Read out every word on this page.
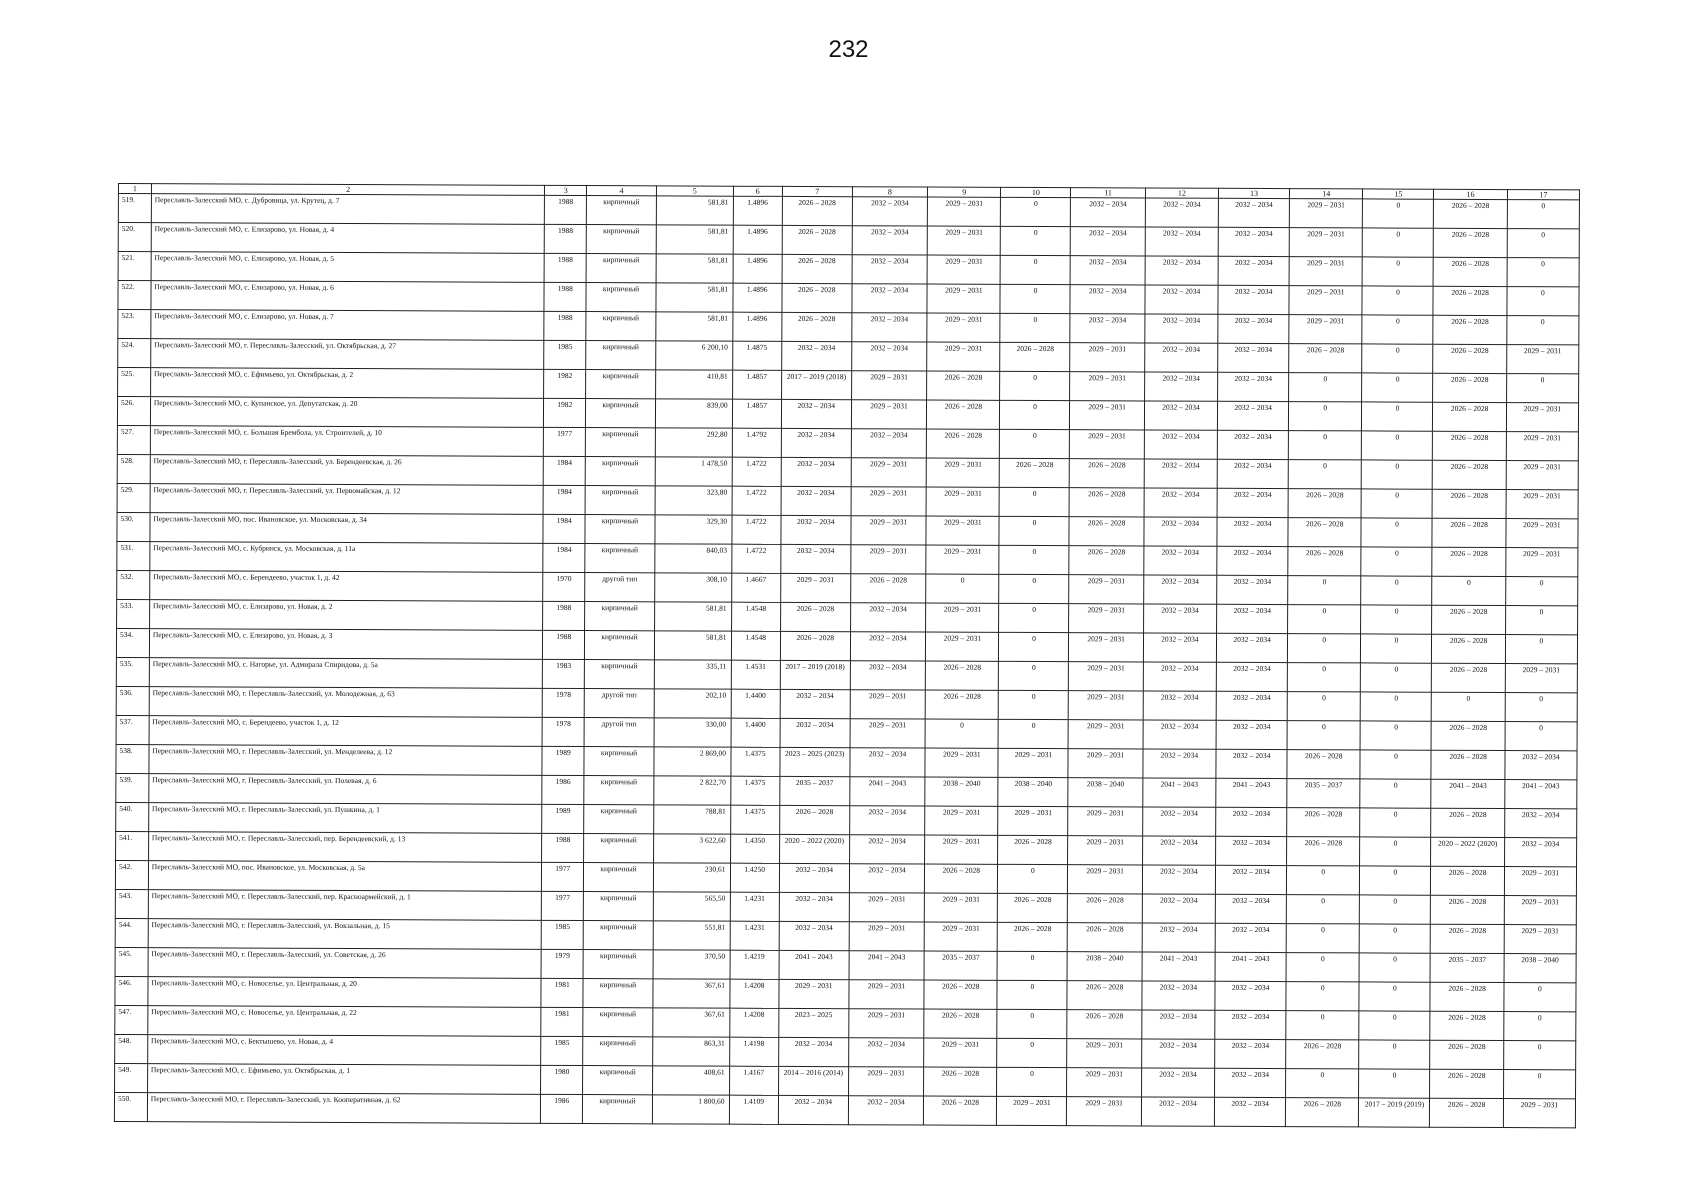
232
1	2	3	4	5	6	7	8	9	10	11	12	13	14	15	16	17
519.	Переславль-Залесский МО, с. Дубровица, ул. Крутец, д. 7	1988	кирпичный	581,81	1.4896	2026 – 2028	2032 – 2034	2029 – 2031	0	2032 – 2034	2032 – 2034	2032 – 2034	2029 – 2031	0	2026 – 2028	0
520.	Переславль-Залесский МО, с. Елизарово, ул. Новая, д. 4	1988	кирпичный	581,81	1.4896	2026 – 2028	2032 – 2034	2029 – 2031	0	2032 – 2034	2032 – 2034	2032 – 2034	2029 – 2031	0	2026 – 2028	0
521.	Переславль-Залесский МО, с. Елизарово, ул. Новая, д. 5	1988	кирпичный	581,81	1.4896	2026 – 2028	2032 – 2034	2029 – 2031	0	2032 – 2034	2032 – 2034	2032 – 2034	2029 – 2031	0	2026 – 2028	0
522.	Переславль-Залесский МО, с. Елизарово, ул. Новая, д. 6	1988	кирпичный	581,81	1.4896	2026 – 2028	2032 – 2034	2029 – 2031	0	2032 – 2034	2032 – 2034	2032 – 2034	2029 – 2031	0	2026 – 2028	0
523.	Переславль-Залесский МО, с. Елизарово, ул. Новая, д. 7	1988	кирпичный	581,81	1.4896	2026 – 2028	2032 – 2034	2029 – 2031	0	2032 – 2034	2032 – 2034	2032 – 2034	2029 – 2031	0	2026 – 2028	0
524.	Переславль-Залесский МО, г. Переславль-Залесский, ул. Октябрьская, д. 27	1985	кирпичный	6 200,10	1.4875	2032 – 2034	2032 – 2034	2029 – 2031	2026 – 2028	2029 – 2031	2032 – 2034	2032 – 2034	2026 – 2028	0	2026 – 2028	2029 – 2031
525.	Переславль-Залесский МО, с. Ефимьево, ул. Октябрьская, д. 2	1982	кирпичный	410,81	1.4857	2017 – 2019 (2018)	2029 – 2031	2026 – 2028	0	2029 – 2031	2032 – 2034	2032 – 2034	0	0	2026 – 2028	0
526.	Переславль-Залесский МО, с. Купанское, ул. Депутатская, д. 20	1982	кирпичный	839,00	1.4857	2032 – 2034	2029 – 2031	2026 – 2028	0	2029 – 2031	2032 – 2034	2032 – 2034	0	0	2026 – 2028	2029 – 2031
527.	Переславль-Залесский МО, с. Большая Брембола, ул. Строителей, д. 10	1977	кирпичный	292,80	1.4792	2032 – 2034	2032 – 2034	2026 – 2028	0	2029 – 2031	2032 – 2034	2032 – 2034	0	0	2026 – 2028	2029 – 2031
528.	Переславль-Залесский МО, г. Переславль-Залесский, ул. Берендеевская, д. 26	1984	кирпичный	1 478,50	1.4722	2032 – 2034	2029 – 2031	2029 – 2031	2026 – 2028	2026 – 2028	2032 – 2034	2032 – 2034	0	0	2026 – 2028	2029 – 2031
529.	Переславль-Залесский МО, г. Переславль-Залесский, ул. Первомайская, д. 12	1984	кирпичный	323,80	1.4722	2032 – 2034	2029 – 2031	2029 – 2031	0	2026 – 2028	2032 – 2034	2032 – 2034	2026 – 2028	0	2026 – 2028	2029 – 2031
530.	Переславль-Залесский МО, пос. Ивановское, ул. Московская, д. 34	1984	кирпичный	329,30	1.4722	2032 – 2034	2029 – 2031	2029 – 2031	0	2026 – 2028	2032 – 2034	2032 – 2034	2026 – 2028	0	2026 – 2028	2029 – 2031
531.	Переславль-Залесский МО, с. Кубринск, ул. Московская, д. 11а	1984	кирпичный	840,03	1.4722	2032 – 2034	2029 – 2031	2029 – 2031	0	2026 – 2028	2032 – 2034	2032 – 2034	2026 – 2028	0	2026 – 2028	2029 – 2031
532.	Переславль-Залесский МО, с. Берендеево, участок 1, д. 42	1970	другой тип	308,10	1.4667	2029 – 2031	2026 – 2028	0	0	2029 – 2031	2032 – 2034	2032 – 2034	0	0	0	0
533.	Переславль-Залесский МО, с. Елизарово, ул. Новая, д. 2	1988	кирпичный	581,81	1.4548	2026 – 2028	2032 – 2034	2029 – 2031	0	2029 – 2031	2032 – 2034	2032 – 2034	0	0	2026 – 2028	0
534.	Переславль-Залесский МО, с. Елизарово, ул. Новая, д. 3	1988	кирпичный	581,81	1.4548	2026 – 2028	2032 – 2034	2029 – 2031	0	2029 – 2031	2032 – 2034	2032 – 2034	0	0	2026 – 2028	0
535.	Переславль-Залесский МО, с. Нагорье, ул. Адмирала Спиридова, д. 5а	1983	кирпичный	335,11	1.4531	2017 – 2019 (2018)	2032 – 2034	2026 – 2028	0	2029 – 2031	2032 – 2034	2032 – 2034	0	0	2026 – 2028	2029 – 2031
536.	Переславль-Залесский МО, г. Переславль-Залесский, ул. Молодежная, д. 63	1978	другой тип	202,10	1.4400	2032 – 2034	2029 – 2031	2026 – 2028	0	2029 – 2031	2032 – 2034	2032 – 2034	0	0	0	0
537.	Переславль-Залесский МО, с. Берендеево, участок 1, д. 12	1978	другой тип	330,00	1.4400	2032 – 2034	2029 – 2031	0	0	2029 – 2031	2032 – 2034	2032 – 2034	0	0	2026 – 2028	0
538.	Переславль-Залесский МО, г. Переславль-Залесский, ул. Менделеева, д. 12	1989	кирпичный	2 869,00	1.4375	2023 – 2025 (2023)	2032 – 2034	2029 – 2031	2029 – 2031	2029 – 2031	2032 – 2034	2032 – 2034	2026 – 2028	0	2026 – 2028	2032 – 2034
539.	Переславль-Залесский МО, г. Переславль-Залесский, ул. Полевая, д. 6	1986	кирпичный	2 822,70	1.4375	2035 – 2037	2041 – 2043	2038 – 2040	2038 – 2040	2038 – 2040	2041 – 2043	2041 – 2043	2035 – 2037	0	2041 – 2043	2041 – 2043
540.	Переславль-Залесский МО, г. Переславль-Залесский, ул. Пушкина, д. 1	1989	кирпичный	788,81	1.4375	2026 – 2028	2032 – 2034	2029 – 2031	2029 – 2031	2029 – 2031	2032 – 2034	2032 – 2034	2026 – 2028	0	2026 – 2028	2032 – 2034
541.	Переславль-Залесский МО, г. Переславль-Залесский, пер. Берендеевский, д. 13	1988	кирпичный	3 622,60	1.4350	2020 – 2022 (2020)	2032 – 2034	2029 – 2031	2026 – 2028	2029 – 2031	2032 – 2034	2032 – 2034	2026 – 2028	0	2020 – 2022 (2020)	2032 – 2034
542.	Переславль-Залесский МО, пос. Ивановское, ул. Московская, д. 5а	1977	кирпичный	230,61	1.4250	2032 – 2034	2032 – 2034	2026 – 2028	0	2029 – 2031	2032 – 2034	2032 – 2034	0	0	2026 – 2028	2029 – 2031
543.	Переславль-Залесский МО, г. Переславль-Залесский, пер. Красноармейский, д. 1	1977	кирпичный	565,50	1.4231	2032 – 2034	2029 – 2031	2029 – 2031	2026 – 2028	2026 – 2028	2032 – 2034	2032 – 2034	0	0	2026 – 2028	2029 – 2031
544.	Переславль-Залесский МО, г. Переславль-Залесский, ул. Вокзальная, д. 15	1985	кирпичный	551,81	1.4231	2032 – 2034	2029 – 2031	2029 – 2031	2026 – 2028	2026 – 2028	2032 – 2034	2032 – 2034	0	0	2026 – 2028	2029 – 2031
545.	Переславль-Залесский МО, г. Переславль-Залесский, ул. Советская, д. 26	1979	кирпичный	370,50	1.4219	2041 – 2043	2041 – 2043	2035 – 2037	0	2038 – 2040	2041 – 2043	2041 – 2043	0	0	2035 – 2037	2038 – 2040
546.	Переславль-Залесский МО, с. Новоселье, ул. Центральная, д. 20	1981	кирпичный	367,61	1.4208	2029 – 2031	2029 – 2031	2026 – 2028	0	2026 – 2028	2032 – 2034	2032 – 2034	0	0	2026 – 2028	0
547.	Переславль-Залесский МО, с. Новоселье, ул. Центральная, д. 22	1981	кирпичный	367,61	1.4208	2023 – 2025	2029 – 2031	2026 – 2028	0	2026 – 2028	2032 – 2034	2032 – 2034	0	0	2026 – 2028	0
548.	Переславль-Залесский МО, с. Бектышево, ул. Новая, д. 4	1985	кирпичный	863,31	1.4198	2032 – 2034	2032 – 2034	2029 – 2031	0	2029 – 2031	2032 – 2034	2032 – 2034	2026 – 2028	0	2026 – 2028	0
549.	Переславль-Залесский МО, с. Ефимьево, ул. Октябрьская, д. 1	1980	кирпичный	408,61	1.4167	2014 – 2016 (2014)	2029 – 2031	2026 – 2028	0	2029 – 2031	2032 – 2034	2032 – 2034	0	0	2026 – 2028	0
550.	Переславль-Залесский МО, г. Переславль-Залесский, ул. Кооперативная, д. 62	1986	кирпичный	1 800,60	1.4109	2032 – 2034	2032 – 2034	2026 – 2028	2029 – 2031	2029 – 2031	2032 – 2034	2032 – 2034	2026 – 2028	2017 – 2019 (2019)	2026 – 2028	2029 – 2031
